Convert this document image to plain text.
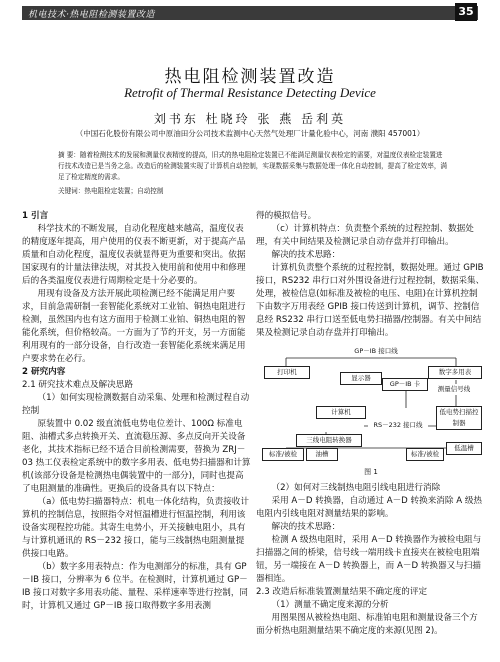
机电技术·热电阻检测装置改造	35
热电阻检测装置改造
Retrofit of Thermal Resistance Detecting Device
刘书东 杜晓玲 张 燕 岳利英
（中国石化股份有限公司中原油田分公司技术监测中心天然气处理厂计量化验中心，河南 濮阳 457001）
摘 要：随着检测技术的发展和测量仪表精度的提高，旧式的热电阻检定装置已不能满足测量仪表检定的需要，对温度仪表检定装置进行技术改造已是当务之急。改造后的检测装置实现了计算机自动控制，实现数据采集与数据处理一体化自动控制，提高了检定效率，满足了检定精度的需求。
关键词：热电阻检定装置；自动控制

1 引言

科学技术的不断发展，自动化程度越来越高，温度仪表的精度逐年提高，用户使用的仪表不断更新，对于提高产品质量和自动化程度，温度仪表就显得更为重要和突出。依据国家现有的计量法律法规，对其投入使用前和使用中和修理后的各类温度仪表进行周期检定是十分必要的。

用现有设备及方法开展此项检测已经不能满足用户要求，目前急需研制一套智能化系统对工业铂、铜热电阻进行检测，虽然国内也有这方面用于检测工业铂、铜热电阻的智能化系统，但价格较高。一方面为了节约开支，另一方面能利用现有的一部分设备，自行改造一套智能化系统来满足用户要求势在必行。

2 研究内容

2.1 研究技术难点及解决思路

（1）如何实现检测数据自动采集、处理和检测过程自动控制

原装置中 0.02 级直流低电势电位差计、100Ω 标准电阻、油槽式多点转换开关、直流稳压源、多点反向开关设备老化，其技术指标已经不适合目前检测需要，替换为 ZRJ－03 热工仪表检定系统中的数字多用表、低电势扫描器和计算机(该部分设备是检测热电偶装置中的一部分)，同时也提高了电阻测量的准确性。更换后的设备具有以下特点：

（a）低电势扫描器特点：机电一体化结构，负责接收计算机的控制信息，按照指令对恒温槽进行恒温控制，利用该设备实现程控功能。其寄生电势小，开关接触电阻小，具有与计算机通讯的 RS－232 接口，能与三线制热电阻测量提供接口电路。

（b）数字多用表特点：作为电测部分的标准，具有 GP－IB 接口，分辨率为 6 位半。在检测时，计算机通过 GP－IB 接口对数字多用表功能、量程、采样速率等进行控制，同时，计算机又通过 GP－IB 接口取得数字多用表测

得的模拟信号。

（c）计算机特点：负责整个系统的过程控制、数据处理，有关中间结果及检测记录自动存盘并打印输出。

解决的技术思路：

计算机负责整个系统的过程控制，数据处理。通过 GPIB 接口，RS232 串行口对外围设备进行过程控制，数据采集、处理，被检信息(如标准及被检的电压、电阻)在计算机控制下由数字万用表经 GPIB 接口传送到计算机，调节、控制信息经 RS232 串行口送至低电势扫描器/控制器。有关中间结果及检测记录自动存盘并打印输出。

GP－IB 接口线
打印机
显示器
数字多用表
GP－IB 卡
测量信号线
计算机	低电势扫描控制器
RS－232 接口线
三线电阻转换器
标准/被检	油槽	标准/被检
低温槽
图 1

（2）如何对三线制热电阻引线电阻进行消除

采用 A－D 转换器，自动通过 A－D 转换来消除 A 级热电阻内引线电阻对测量结果的影响。

解决的技术思路：

检测 A 级热电阻时，采用 A－D 转换器作为被检电阻与扫描器之间的桥梁，信号线一端用线卡直接夹在被检电阻端钮，另一端接在 A－D 转换器上，而 A－D 转换器又与扫描器相连。

2.3 改造后标准装置测量结果不确定度的评定

（1）测量不确定度来源的分析

用图果图从被检热电阻、标准铂电阻和测量设备三个方面分析热电阻测量结果不确定度的来源(见图 2)。
